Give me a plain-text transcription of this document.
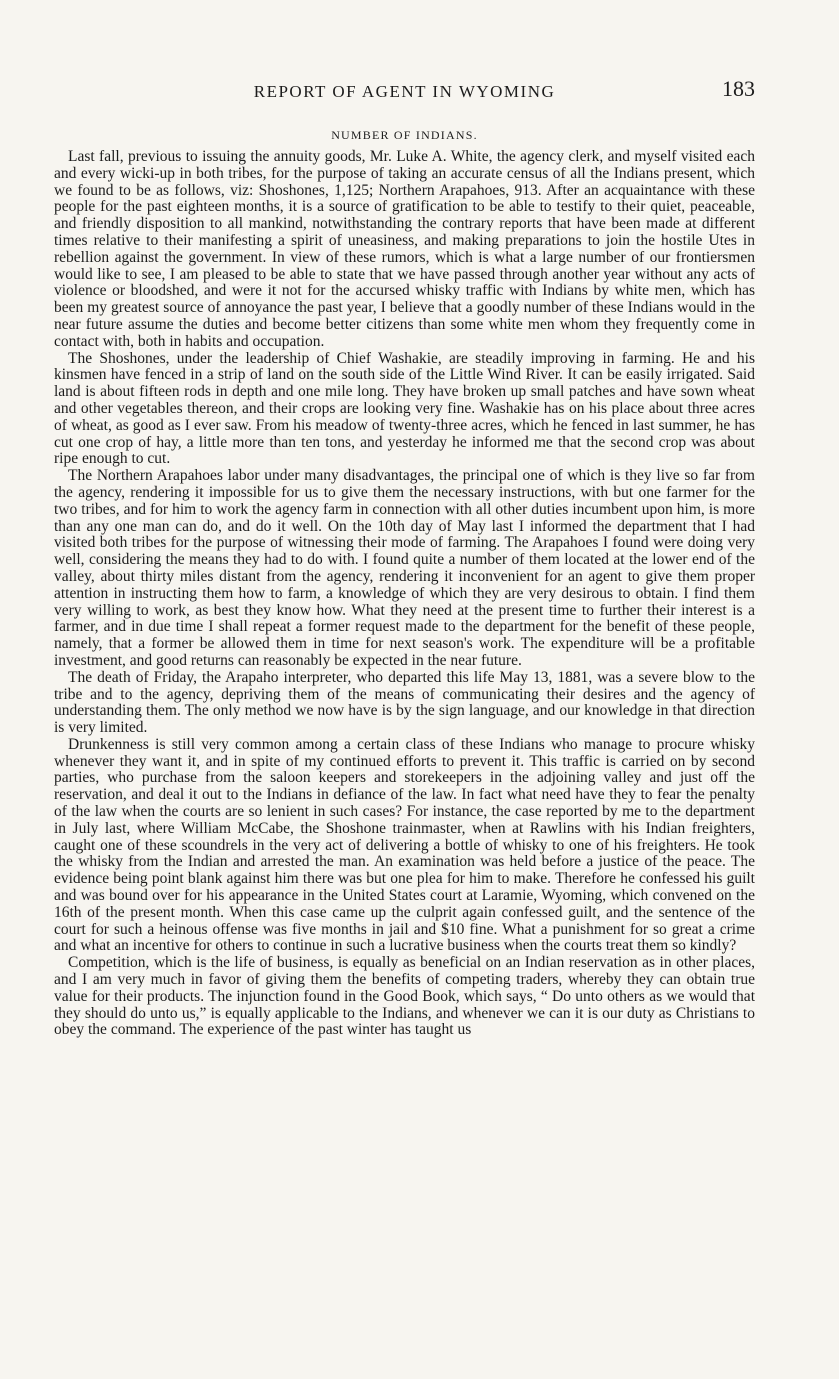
REPORT OF AGENT IN WYOMING	183
NUMBER OF INDIANS.

Last fall, previous to issuing the annuity goods, Mr. Luke A. White, the agency clerk, and myself visited each and every wicki-up in both tribes, for the purpose of taking an accurate census of all the Indians present, which we found to be as follows, viz: Shoshones, 1,125; Northern Arapahoes, 913. After an acquaintance with these people for the past eighteen months, it is a source of gratification to be able to testify to their quiet, peaceable, and friendly disposition to all mankind, notwithstanding the contrary reports that have been made at different times relative to their manifesting a spirit of uneasiness, and making preparations to join the hostile Utes in rebellion against the government. In view of these rumors, which is what a large number of our frontiersmen would like to see, I am pleased to be able to state that we have passed through another year without any acts of violence or bloodshed, and were it not for the accursed whisky traffic with Indians by white men, which has been my greatest source of annoyance the past year, I believe that a goodly number of these Indians would in the near future assume the duties and become better citizens than some white men whom they frequently come in contact with, both in habits and occupation.

The Shoshones, under the leadership of Chief Washakie, are steadily improving in farming. He and his kinsmen have fenced in a strip of land on the south side of the Little Wind River. It can be easily irrigated. Said land is about fifteen rods in depth and one mile long. They have broken up small patches and have sown wheat and other vegetables thereon, and their crops are looking very fine. Washakie has on his place about three acres of wheat, as good as I ever saw. From his meadow of twenty-three acres, which he fenced in last summer, he has cut one crop of hay, a little more than ten tons, and yesterday he informed me that the second crop was about ripe enough to cut.

The Northern Arapahoes labor under many disadvantages, the principal one of which is they live so far from the agency, rendering it impossible for us to give them the necessary instructions, with but one farmer for the two tribes, and for him to work the agency farm in connection with all other duties incumbent upon him, is more than any one man can do, and do it well. On the 10th day of May last I informed the department that I had visited both tribes for the purpose of witnessing their mode of farming. The Arapahoes I found were doing very well, considering the means they had to do with. I found quite a number of them located at the lower end of the valley, about thirty miles distant from the agency, rendering it inconvenient for an agent to give them proper attention in instructing them how to farm, a knowledge of which they are very desirous to obtain. I find them very willing to work, as best they know how. What they need at the present time to further their interest is a farmer, and in due time I shall repeat a former request made to the department for the benefit of these people, namely, that a former be allowed them in time for next season's work. The expenditure will be a profitable investment, and good returns can reasonably be expected in the near future.

The death of Friday, the Arapaho interpreter, who departed this life May 13, 1881, was a severe blow to the tribe and to the agency, depriving them of the means of communicating their desires and the agency of understanding them. The only method we now have is by the sign language, and our knowledge in that direction is very limited.

Drunkenness is still very common among a certain class of these Indians who manage to procure whisky whenever they want it, and in spite of my continued efforts to prevent it. This traffic is carried on by second parties, who purchase from the saloon keepers and storekeepers in the adjoining valley and just off the reservation, and deal it out to the Indians in defiance of the law. In fact what need have they to fear the penalty of the law when the courts are so lenient in such cases? For instance, the case reported by me to the department in July last, where William McCabe, the Shoshone trainmaster, when at Rawlins with his Indian freighters, caught one of these scoundrels in the very act of delivering a bottle of whisky to one of his freighters. He took the whisky from the Indian and arrested the man. An examination was held before a justice of the peace. The evidence being point blank against him there was but one plea for him to make. Therefore he confessed his guilt and was bound over for his appearance in the United States court at Laramie, Wyoming, which convened on the 16th of the present month. When this case came up the culprit again confessed guilt, and the sentence of the court for such a heinous offense was five months in jail and $10 fine. What a punishment for so great a crime and what an incentive for others to continue in such a lucrative business when the courts treat them so kindly?

Competition, which is the life of business, is equally as beneficial on an Indian reservation as in other places, and I am very much in favor of giving them the benefits of competing traders, whereby they can obtain true value for their products. The injunction found in the Good Book, which says, “ Do unto others as we would that they should do unto us,” is equally applicable to the Indians, and whenever we can it is our duty as Christians to obey the command. The experience of the past winter has taught us
